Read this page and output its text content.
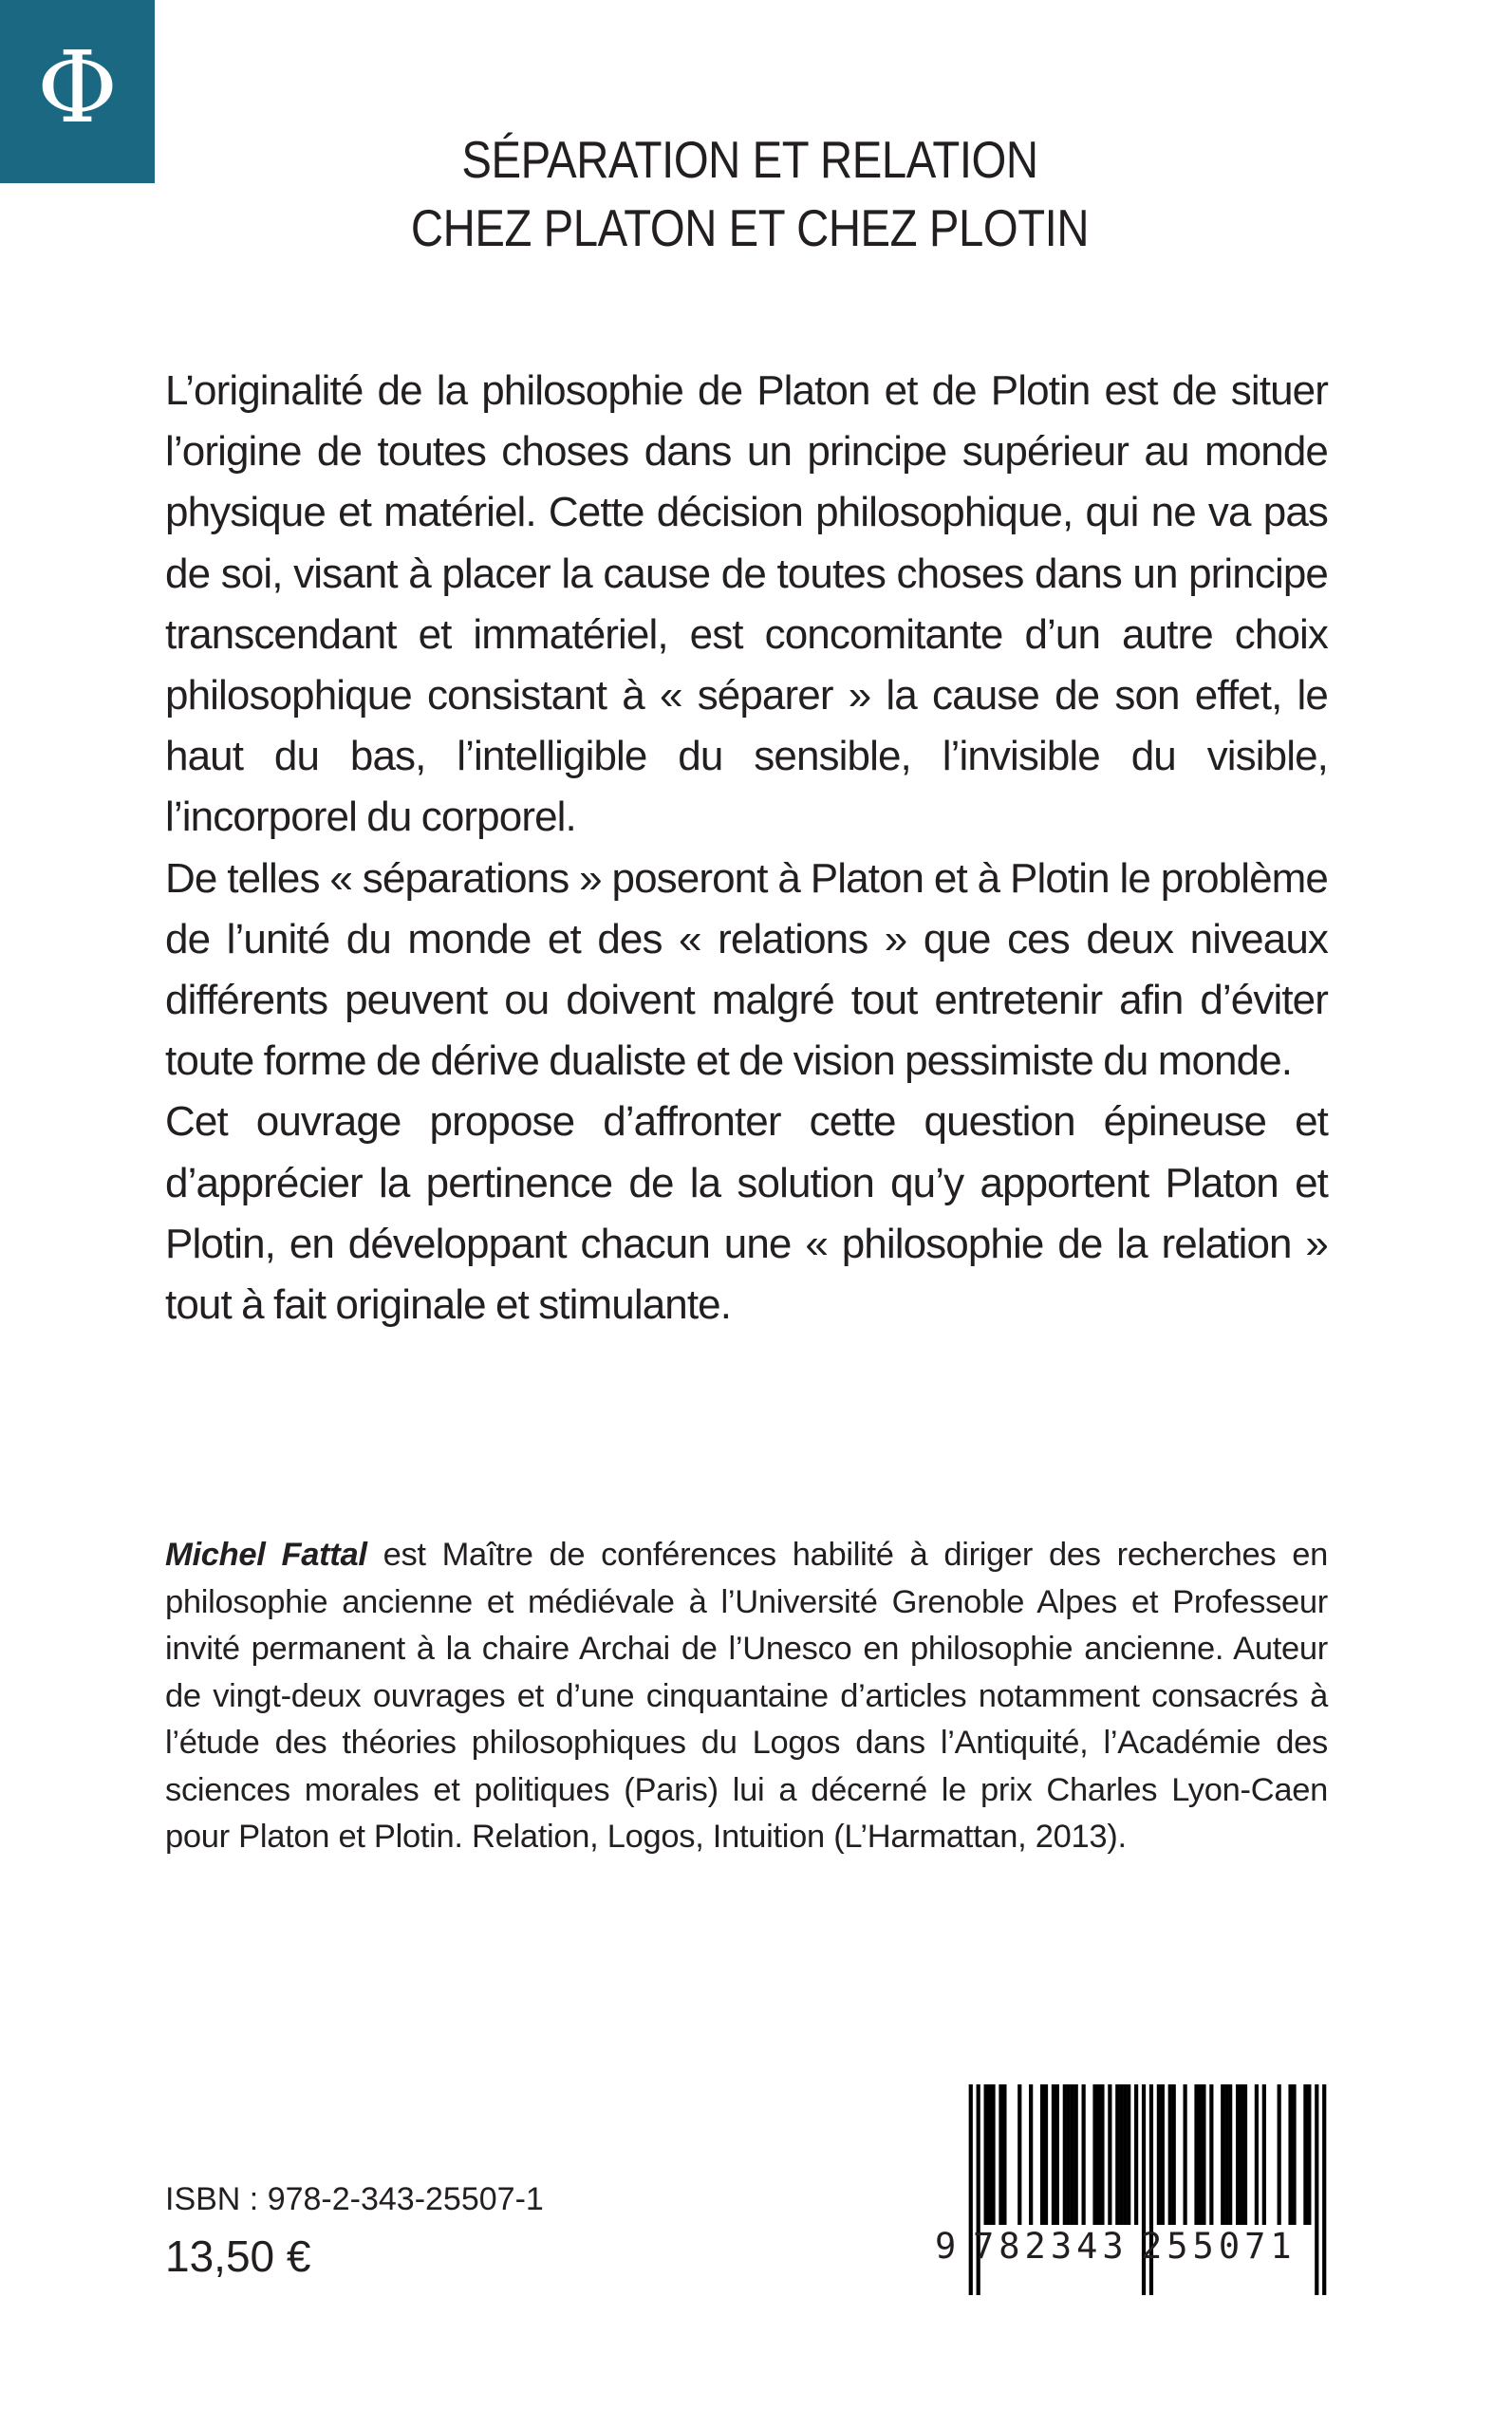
Φ
SÉPARATION ET RELATION
CHEZ PLATON ET CHEZ PLOTIN

L’originalité de la philosophie de Platon et de Plotin est de situer l’origine de toutes choses dans un principe supérieur au monde physique et matériel. Cette décision philosophique, qui ne va pas de soi, visant à placer la cause de toutes choses dans un principe transcendant et immatériel, est concomitante d’un autre choix philosophique consistant à « séparer » la cause de son effet, le haut du bas, l’intelligible du sensible, l’invisible du visible, l’incorporel du corporel.

De telles « séparations » poseront à Platon et à Plotin le problème de l’unité du monde et des « relations » que ces deux niveaux différents peuvent ou doivent malgré tout entretenir afin d’éviter toute forme de dérive dualiste et de vision pessimiste du monde.

Cet ouvrage propose d’affronter cette question épineuse et d’apprécier la pertinence de la solution qu’y apportent Platon et Plotin, en développant chacun une « philosophie de la relation » tout à fait originale et stimulante.

Michel Fattal est Maître de conférences habilité à diriger des recherches en philosophie ancienne et médiévale à l’Université Grenoble Alpes et Professeur invité permanent à la chaire Archai de l’Unesco en philosophie ancienne. Auteur de vingt-deux ouvrages et d’une cinquantaine d’articles notamment consacrés à l’étude des théories philosophiques du Logos dans l’Antiquité, l’Académie des sciences morales et politiques (Paris) lui a décerné le prix Charles Lyon-Caen pour Platon et Plotin. Relation, Logos, Intuition (L’Harmattan, 2013).
ISBN : 978-2-343-25507-1
13,50 €	9 782343 255071
